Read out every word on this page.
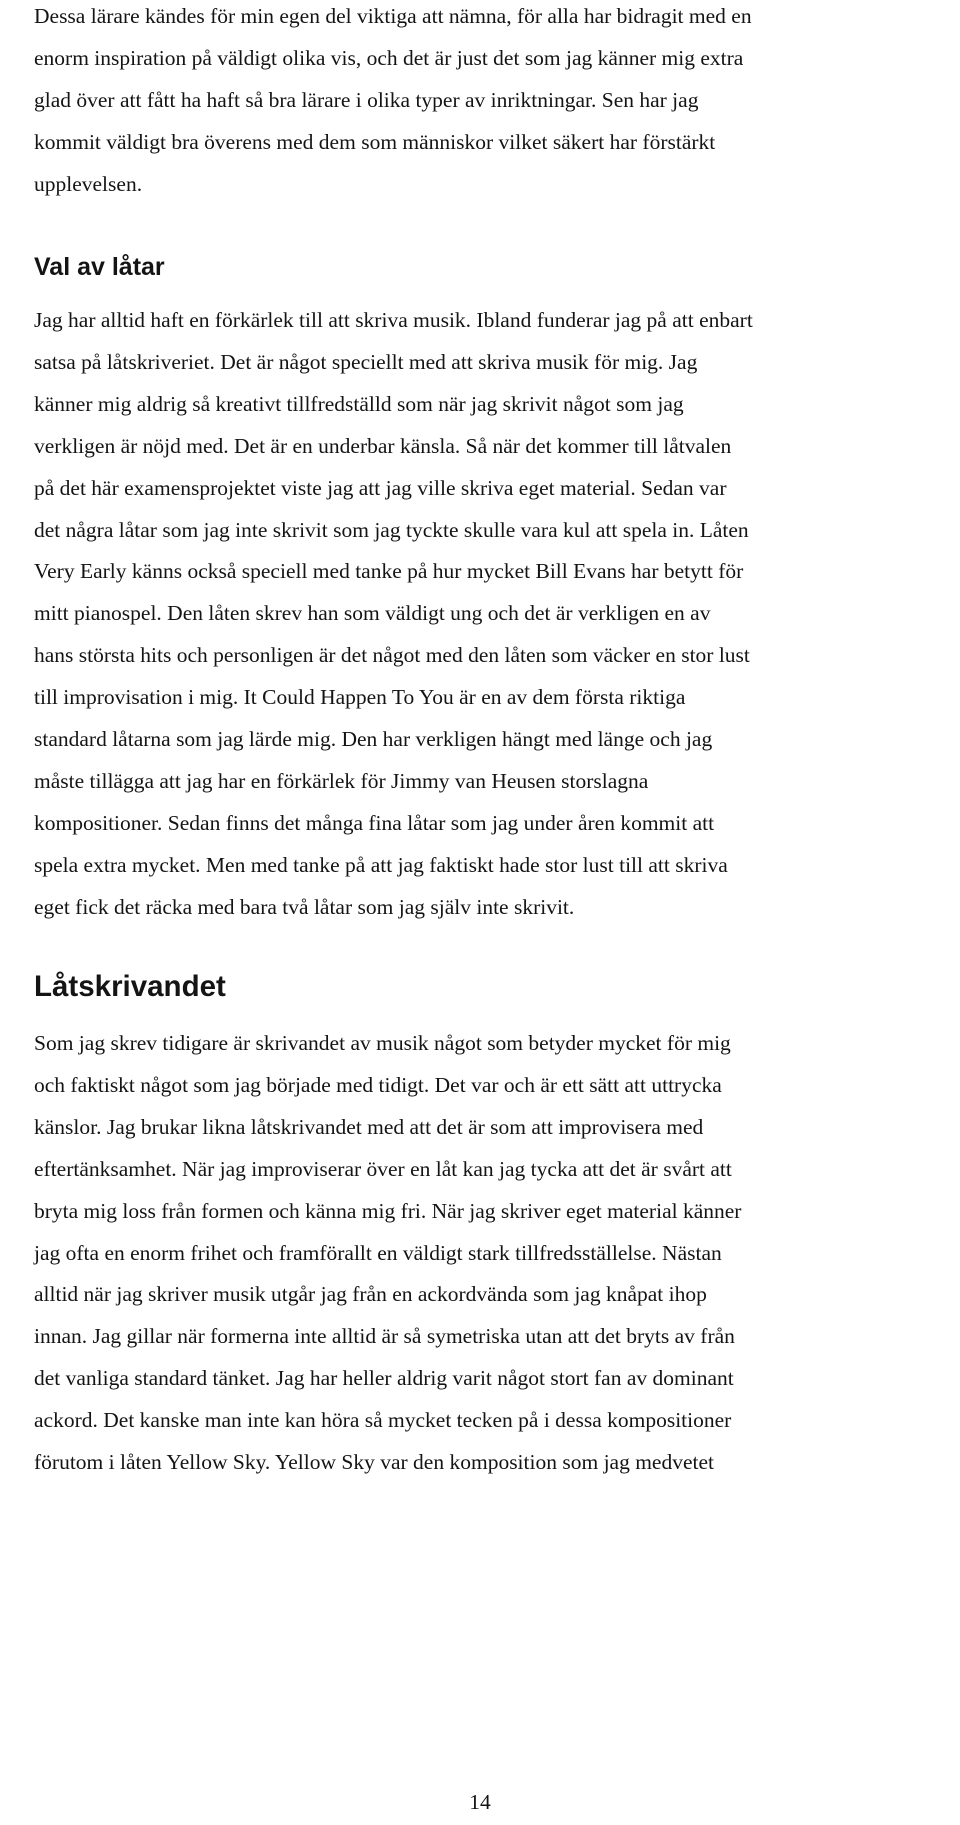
Dessa lärare kändes för min egen del viktiga att nämna, för alla har bidragit med en

enorm inspiration på väldigt olika vis, och det är just det som jag känner mig extra

glad över att fått ha haft så bra lärare i olika typer av inriktningar. Sen har jag

kommit väldigt bra överens med dem som människor vilket säkert har förstärkt

upplevelsen.

Val av låtar

Jag har alltid haft en förkärlek till att skriva musik. Ibland funderar jag på att enbart

satsa på låtskriveriet. Det är något speciellt med att skriva musik för mig. Jag

känner mig aldrig så kreativt tillfredställd som när jag skrivit något som jag

verkligen är nöjd med. Det är en underbar känsla. Så när det kommer till låtvalen

på det här examensprojektet viste jag att jag ville skriva eget material. Sedan var

det några låtar som jag inte skrivit som jag tyckte skulle vara kul att spela in. Låten

Very Early känns också speciell med tanke på hur mycket Bill Evans har betytt för

mitt pianospel. Den låten skrev han som väldigt ung och det är verkligen en av

hans största hits och personligen är det något med den låten som väcker en stor lust

till improvisation i mig. It Could Happen To You är en av dem första riktiga

standard låtarna som jag lärde mig. Den har verkligen hängt med länge och jag

måste tillägga att jag har en förkärlek för Jimmy van Heusen storslagna

kompositioner. Sedan finns det många fina låtar som jag under åren kommit att

spela extra mycket. Men med tanke på att jag faktiskt hade stor lust till att skriva

eget fick det räcka med bara två låtar som jag själv inte skrivit.

Låtskrivandet

Som jag skrev tidigare är skrivandet av musik något som betyder mycket för mig

och faktiskt något som jag började med tidigt. Det var och är ett sätt att uttrycka

känslor. Jag brukar likna låtskrivandet med att det är som att improvisera med

eftertänksamhet. När jag improviserar över en låt kan jag tycka att det är svårt att

bryta mig loss från formen och känna mig fri. När jag skriver eget material känner

jag ofta en enorm frihet och framförallt en väldigt stark tillfredsställelse. Nästan

alltid när jag skriver musik utgår jag från en ackordvända som jag knåpat ihop

innan. Jag gillar när formerna inte alltid är så symetriska utan att det bryts av från

det vanliga standard tänket. Jag har heller aldrig varit något stort fan av dominant

ackord. Det kanske man inte kan höra så mycket tecken på i dessa kompositioner

förutom i låten Yellow Sky. Yellow Sky var den komposition som jag medvetet

14
